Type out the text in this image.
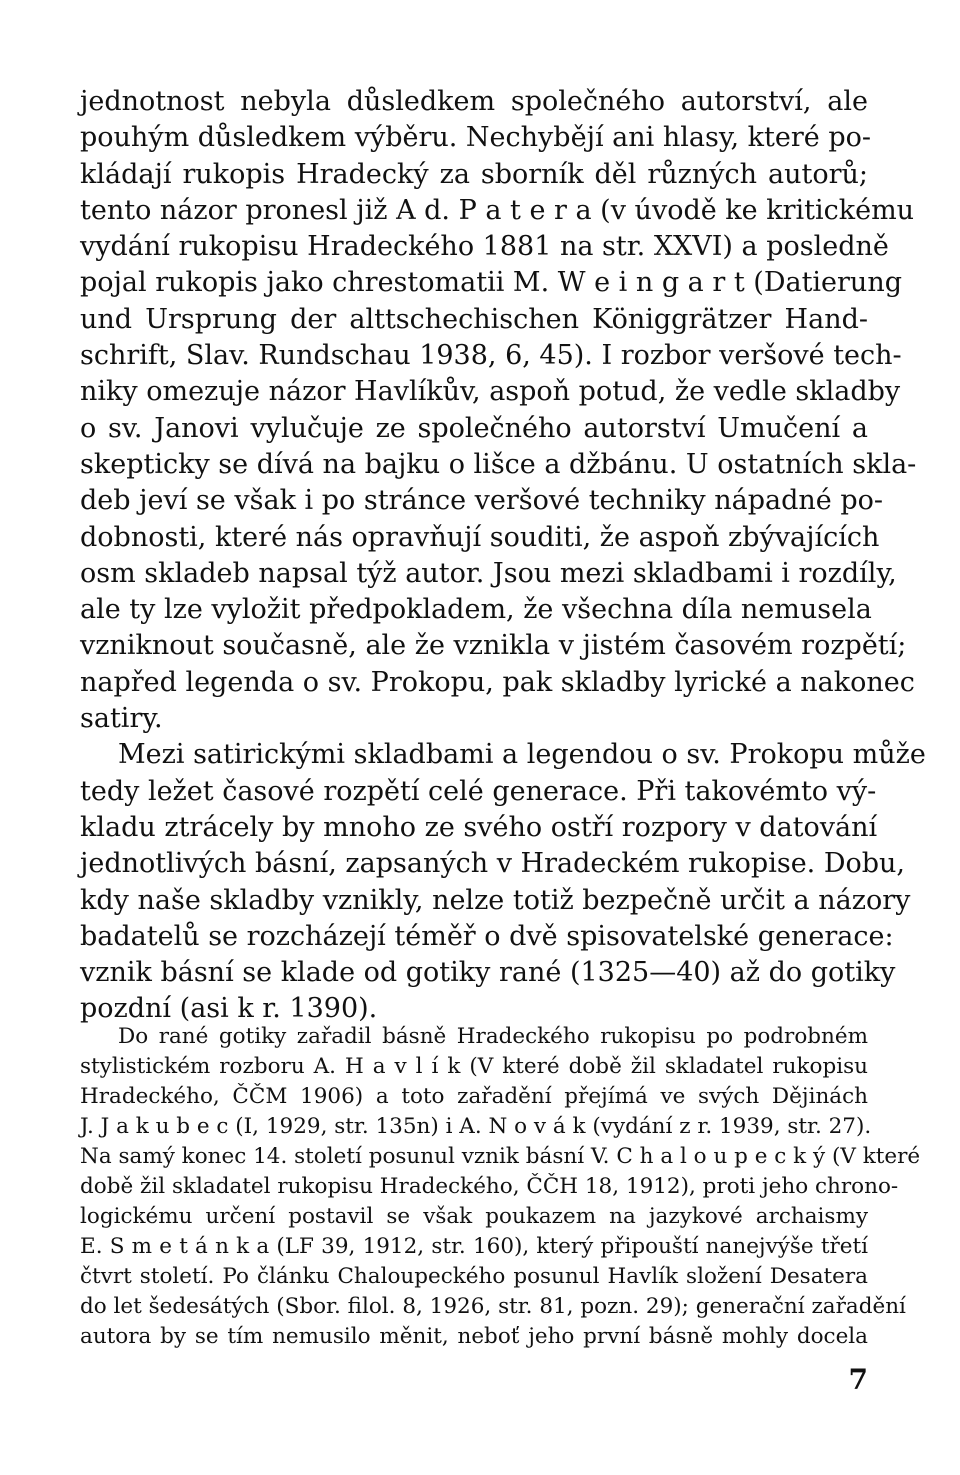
jednotnost nebyla důsledkem společného autorství, ale
pouhým důsledkem výběru. Nechybějí ani hlasy, které po-
kládají rukopis Hradecký za sborník děl různých autorů;
tento názor pronesl již A d. P a t e r a (v úvodě ke kritickému
vydání rukopisu Hradeckého 1881 na str. XXVI) a posledně
pojal rukopis jako chrestomatii M. W e i n g a r t (Datierung
und Ursprung der alttschechischen Königgrätzer Hand-
schrift, Slav. Rundschau 1938, 6, 45). I rozbor veršové tech-
niky omezuje názor Havlíkův, aspoň potud, že vedle skladby
o sv. Janovi vylučuje ze společného autorství Umučení a
skepticky se dívá na bajku o lišce a džbánu. U ostatních skla-
deb jeví se však i po stránce veršové techniky nápadné po-
dobnosti, které nás opravňují souditi, že aspoň zbývajících
osm skladeb napsal týž autor. Jsou mezi skladbami i rozdíly,
ale ty lze vyložit předpokladem, že všechna díla nemusela
vzniknout současně, ale že vznikla v jistém časovém rozpětí;
napřed legenda o sv. Prokopu, pak skladby lyrické a nakonec
satiry.
Mezi satirickými skladbami a legendou o sv. Prokopu může
tedy ležet časové rozpětí celé generace. Při takovémto vý-
kladu ztrácely by mnoho ze svého ostří rozpory v datování
jednotlivých básní, zapsaných v Hradeckém rukopise. Dobu,
kdy naše skladby vznikly, nelze totiž bezpečně určit a názory
badatelů se rozcházejí téměř o dvě spisovatelské generace:
vznik básní se klade od gotiky rané (1325—40) až do gotiky
pozdní (asi k r. 1390).
Do rané gotiky zařadil básně Hradeckého rukopisu po podrobném
stylistickém rozboru A. H a v l í k (V které době žil skladatel rukopisu
Hradeckého, ČČM 1906) a toto zařadění přejímá ve svých Dějinách
J. J a k u b e c (I, 1929, str. 135n) i A. N o v á k (vydání z r. 1939, str. 27).
Na samý konec 14. století posunul vznik básní V. C h a l o u p e c k ý (V které
době žil skladatel rukopisu Hradeckého, ČČH 18, 1912), proti jeho chrono-
logickému určení postavil se však poukazem na jazykové archaismy
E. S m e t á n k a (LF 39, 1912, str. 160), který připouští nanejvýše třetí
čtvrt století. Po článku Chaloupeckého posunul Havlík složení Desatera
do let šedesátých (Sbor. filol. 8, 1926, str. 81, pozn. 29); generační zařadění
autora by se tím nemusilo měnit, neboť jeho první básně mohly docela
7
